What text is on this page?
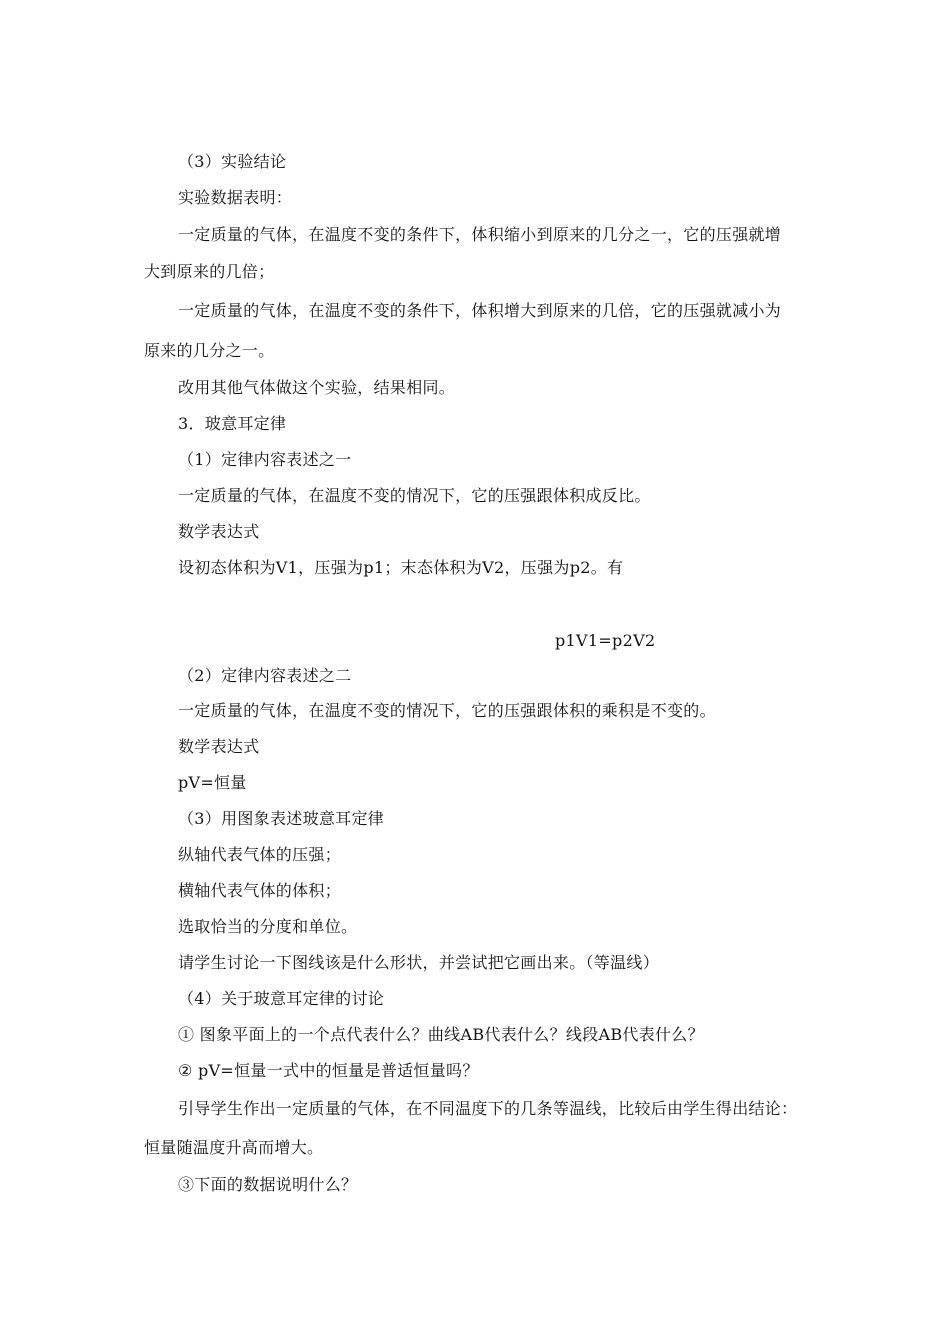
（3）实验结论
实验数据表明：
一定质量的气体，在温度不变的条件下，体积缩小到原来的几分之一，它的压强就增
大到原来的几倍；
一定质量的气体，在温度不变的条件下，体积增大到原来的几倍，它的压强就减小为
原来的几分之一。
改用其他气体做这个实验，结果相同。
3．玻意耳定律
（1）定律内容表述之一
一定质量的气体，在温度不变的情况下，它的压强跟体积成反比。
数学表达式
设初态体积为V1，压强为p1；末态体积为V2，压强为p2。有
p1V1=p2V2
（2）定律内容表述之二
一定质量的气体，在温度不变的情况下，它的压强跟体积的乘积是不变的。
数学表达式
pV=恒量
（3）用图象表述玻意耳定律
纵轴代表气体的压强；
横轴代表气体的体积；
选取恰当的分度和单位。
请学生讨论一下图线该是什么形状，并尝试把它画出来。（等温线）
（4）关于玻意耳定律的讨论
① 图象平面上的一个点代表什么？曲线AB代表什么？线段AB代表什么？
② pV=恒量一式中的恒量是普适恒量吗？
引导学生作出一定质量的气体，在不同温度下的几条等温线，比较后由学生得出结论：
恒量随温度升高而增大。
③下面的数据说明什么？
